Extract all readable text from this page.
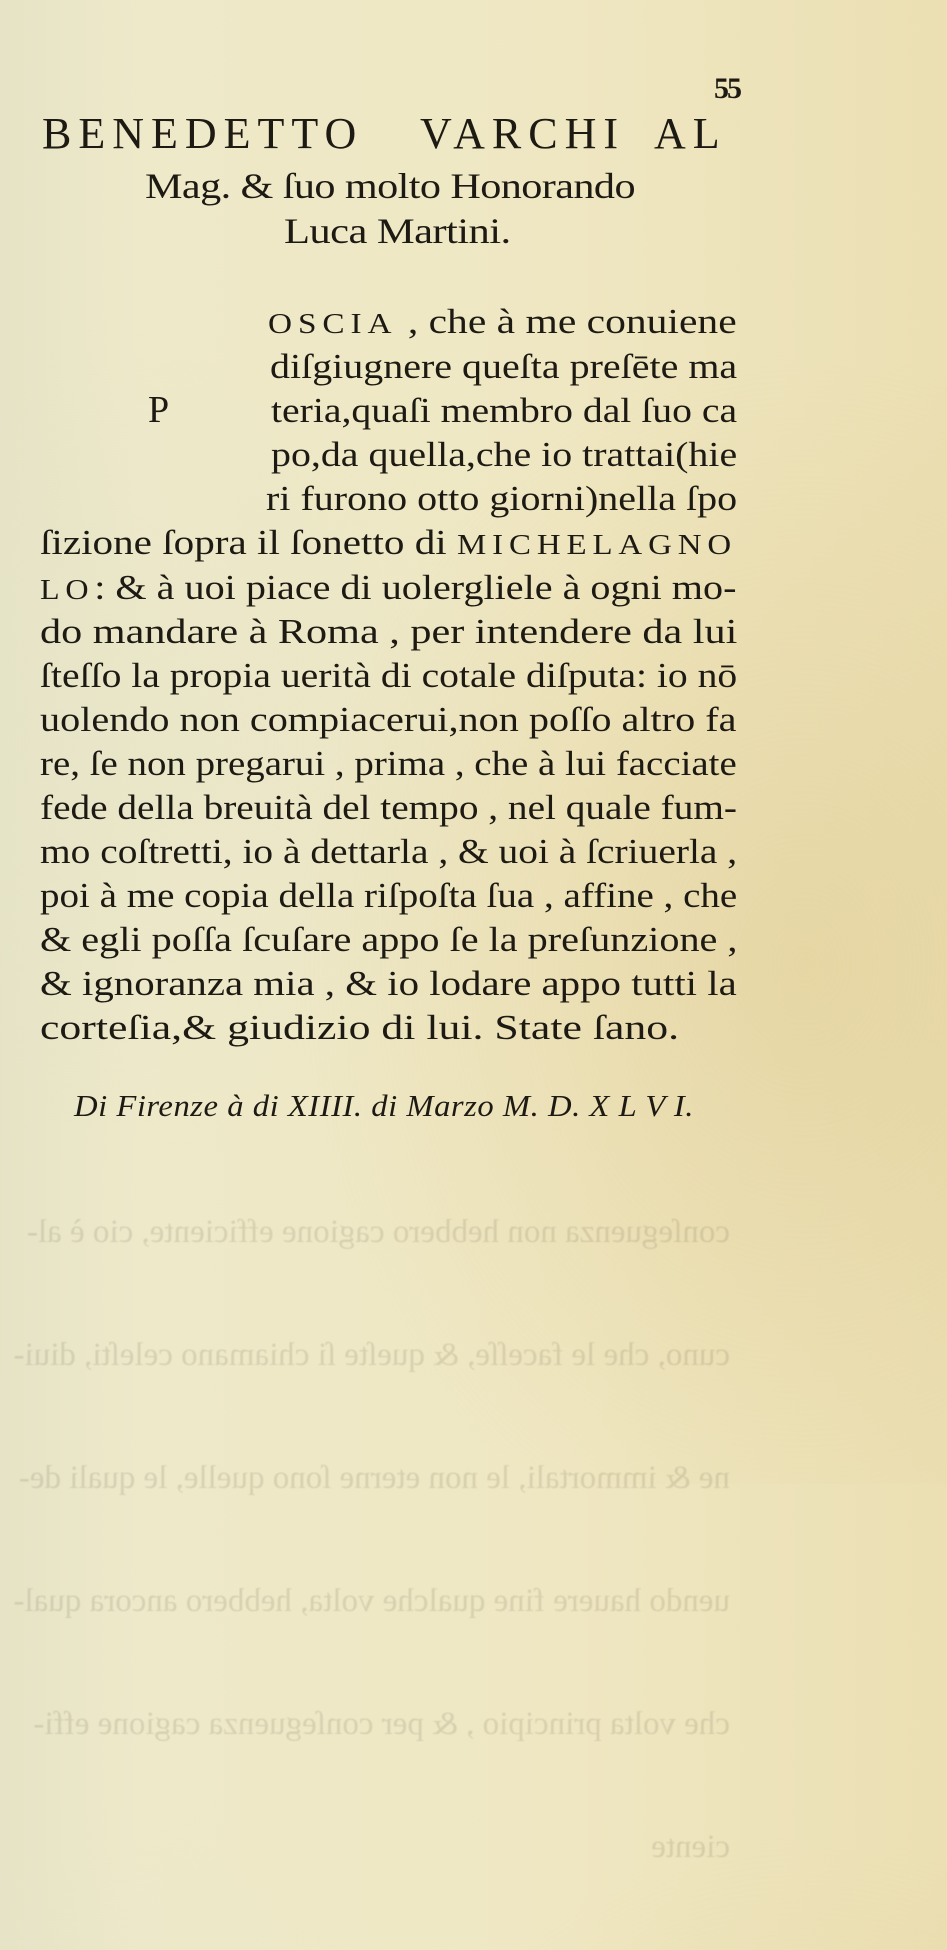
conſeguenza non hebbero cagione efficiente, cio è al-

cuno, che le faceſſe, & queſte ſi chiamano celeſti, diui-

ne & immortali, le non eterne ſono quelle, le quali de-

uendo hauere fine qualche volta, hebbero ancora qual-

che volta principio , & per conſeguenza cagione effi-

ciente

55
BENEDETTO VARCHI AL
Mag. & ſuo molto Honorando
Luca Martini.
P
OSCIA , che à me conuiene
diſgiugnere queſta preſēte ma
teria,quaſi membro dal ſuo ca
po,da quella,che io trattai(hie
ri furono otto giorni)nella ſpo
ſizione ſopra il ſonetto di MICHELAGNO
LO: & à uoi piace di uolergliele à ogni mo-
do mandare à Roma , per intendere da lui
ſteſſo la propia uerità di cotale diſputa: io nō
uolendo non compiacerui,non poſſo altro fa
re, ſe non pregarui , prima , che à lui facciate
fede della breuità del tempo , nel quale fum-
mo coſtretti, io à dettarla , & uoi à ſcriuerla ,
poi à me copia della riſpoſta ſua , affine , che
& egli poſſa ſcuſare appo ſe la preſunzione ,
& ignoranza mia , & io lodare appo tutti la
corteſia,& giudizio di lui. State ſano.
Di Firenze à di XIIII. di Marzo M. D. X L V I.
